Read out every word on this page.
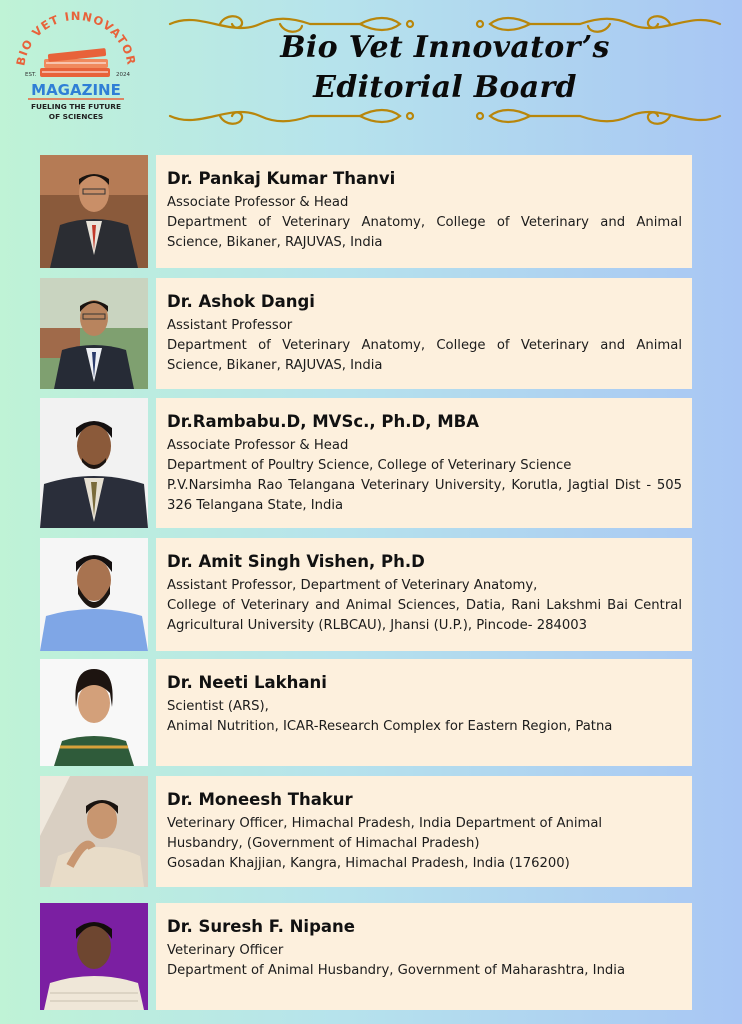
BIO VET INNOVATOR
EST.	2024
MAGAZINE
FUELING THE FUTURE
OF SCIENCES
Bio Vet Innovator’s
Editorial Board

Dr. Pankaj Kumar Thanvi

Associate Professor & Head

Department of Veterinary Anatomy, College of Veterinary and Animal Science, Bikaner, RAJUVAS, India

Dr. Ashok Dangi

Assistant Professor

Department of Veterinary Anatomy, College of Veterinary and Animal Science, Bikaner, RAJUVAS, India

Dr.Rambabu.D, MVSc., Ph.D, MBA

Associate Professor & Head

Department of Poultry Science, College of Veterinary Science

P.V.Narsimha Rao Telangana Veterinary University, Korutla, Jagtial Dist - 505 326 Telangana State, India

Dr. Amit Singh Vishen, Ph.D

Assistant Professor, Department of Veterinary Anatomy,

College of Veterinary and Animal Sciences, Datia, Rani Lakshmi Bai Central Agricultural University (RLBCAU), Jhansi (U.P.), Pincode- 284003

Dr. Neeti Lakhani

Scientist (ARS),

Animal Nutrition, ICAR-Research Complex for Eastern Region, Patna

Dr. Moneesh Thakur

Veterinary Officer, Himachal Pradesh, India Department of Animal Husbandry, (Government of Himachal Pradesh)

Gosadan Khajjian, Kangra, Himachal Pradesh, India (176200)

Dr. Suresh F. Nipane

Veterinary Officer

Department of Animal Husbandry, Government of Maharashtra, India
